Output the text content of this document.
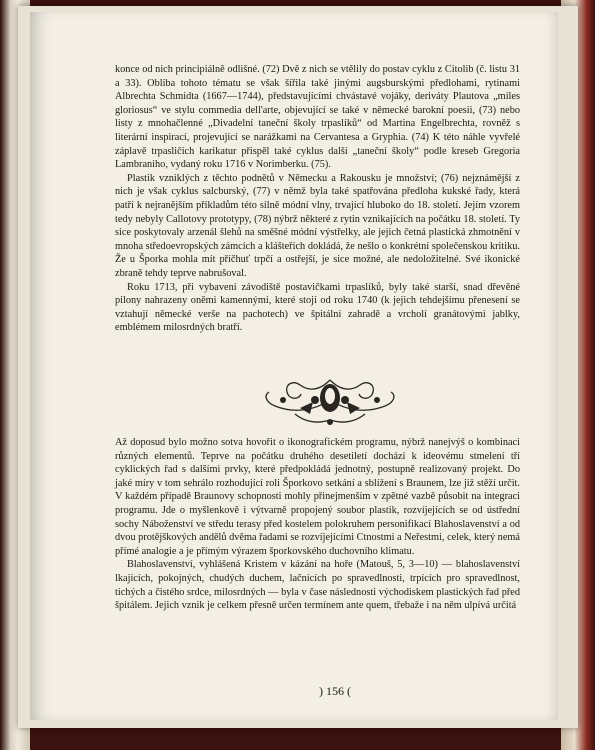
konce od nich principiálně odlišné. (72) Dvě z nich se vtělily do postav cyklu z Citolib (č. listu 31 a 33). Obliba tohoto tématu se však šířila také jinými augsburskými předlohami, rytinami Albrechta Schmidta (1667—1744), představujícími chvástavé vojáky, deriváty Plautova „miles gloriosus“ ve stylu commedia dell'arte, objevující se také v německé barokní poesii, (73) nebo listy z mnohačlenné „Divadelní taneční školy trpaslíků“ od Martina Engelbrechta, rovněž s literární inspirací, projevující se narážkami na Cervantesa a Gryphia. (74) K této náhle vyvřelé záplavě trpasličích karikatur přispěl také cyklus další „taneční školy“ podle kreseb Gregoria Lambraniho, vydaný roku 1716 v Norimberku. (75).

Plastik vzniklých z těchto podnětů v Německu a Rakousku je množství; (76) nejznámější z nich je však cyklus salcburský, (77) v němž byla také spatřována předloha kukské řady, která patří k nejranějším příkladům této silně módní vlny, trvající hluboko do 18. století. Jejím vzorem tedy nebyly Callotovy prototypy, (78) nýbrž některé z rytin vznikajících na počátku 18. století. Ty sice poskytovaly arzenál šlehů na směšné módní výstřelky, ale jejich četná plastická zhmotnění v mnoha středoevropských zámcích a klášteřích dokládá, že nešlo o konkrétní společenskou kritiku. Že u Šporka mohla mít příčhuť trpčí a ostřejší, je sice možné, ale nedoložitelné. Své ikonické zbraně tehdy teprve nabrušoval.

Roku 1713, při vybavení závodiště postavičkami trpaslíků, byly také starší, snad dřevěné pilony nahrazeny oněmi kamennými, které stojí od roku 1740 (k jejich tehdejšímu přenesení se vztahují německé verše na pachotech) ve špitální zahradě a vrcholí granátovými jablky, emblémem milosrdných bratří.

Až doposud bylo možno sotva hovořit o ikonografickém programu, nýbrž nanejvýš o kombinaci různých elementů. Teprve na počátku druhého desetiletí dochází k ideovému stmelení tří cyklických řad s dalšími prvky, které předpokládá jednotný, postupně realizovaný projekt. Do jaké míry v tom sehrálo rozhodující roli Šporkovo setkání a sblížení s Braunem, lze již stěží určit. V každém případě Braunovy schopnosti mohly přinejmenším v zpětné vazbě působit na integraci programu. Jde o myšlenkově i výtvarně propojený soubor plastik, rozvíjejících se od ústřední sochy Náboženství ve středu terasy před kostelem polokruhem personifikací Blahoslavenství a od dvou protějškových andělů dvěma řadami se rozvíjejícími Ctnostmi a Neřestmi, celek, který nemá přímé analogie a je přímým výrazem šporkovského duchovního klimatu.

Blahoslavenství, vyhlášená Kristem v kázání na hoře (Matouš, 5, 3—10) — blahoslavenství lkajících, pokojných, chudých duchem, lačnících po spravedlnosti, trpících pro spravedlnost, tichých a čistého srdce, milosrdných — byla v čase následnosti východiskem plastických řad před špitálem. Jejich vznik je celkem přesně určen termínem ante quem, třebaže i na něm ulpívá určitá

) 156 (
